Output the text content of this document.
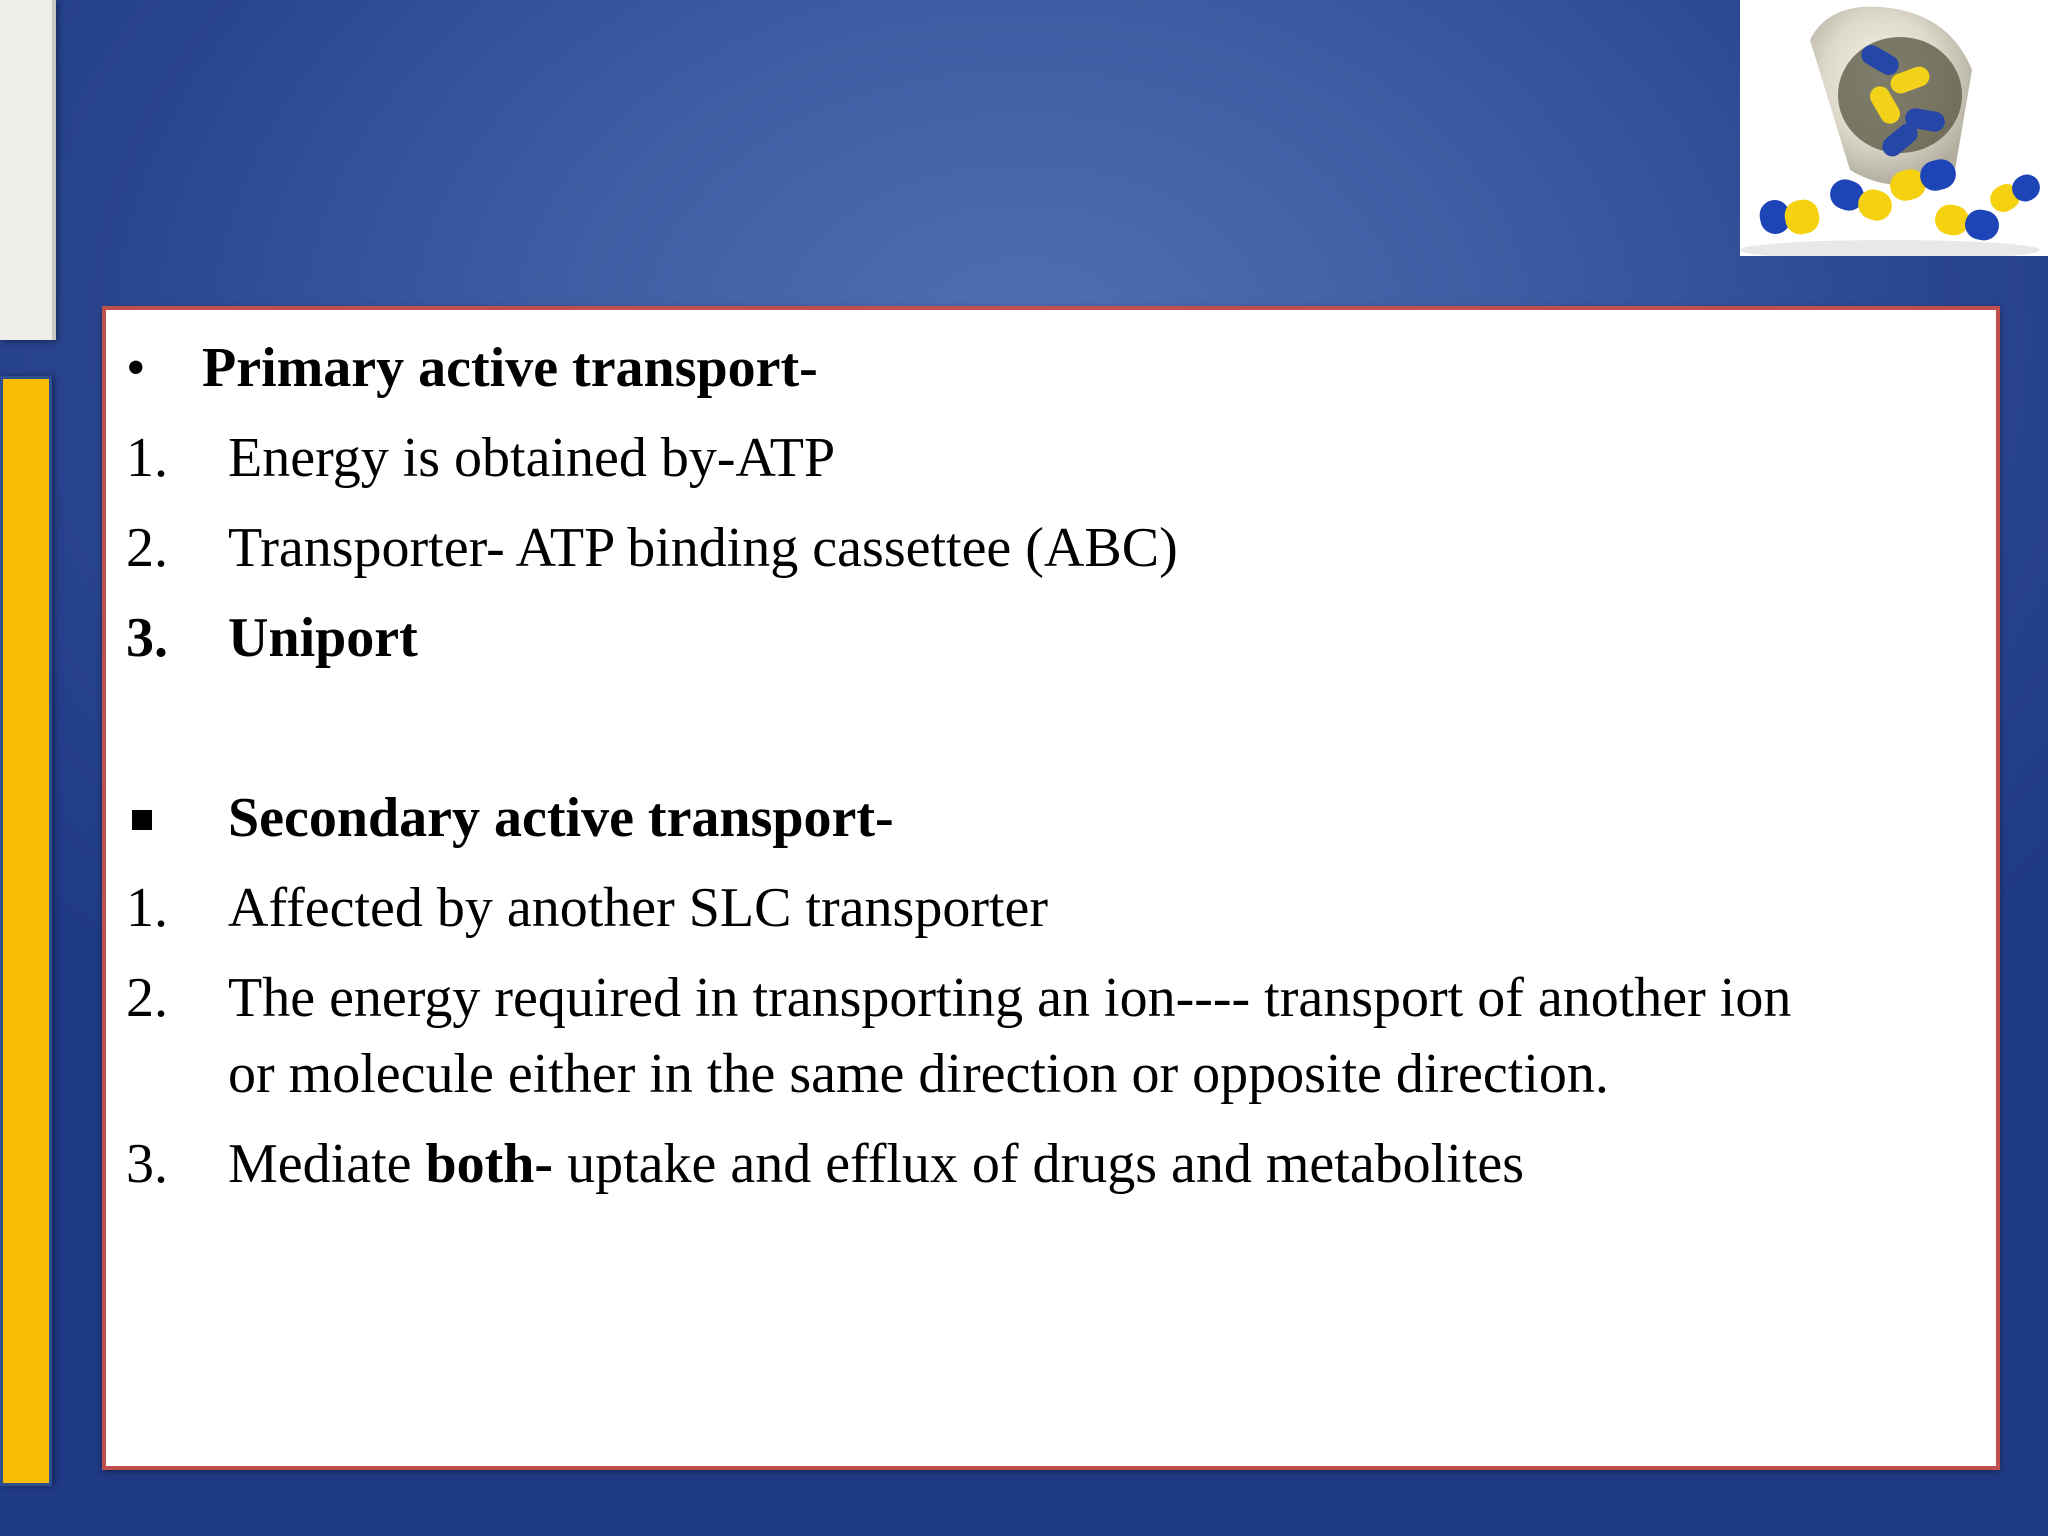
• Primary active transport-
1. Energy is obtained by-ATP
2. Transporter- ATP binding cassettee (ABC)
3. Uniport
Secondary active transport-
1. Affected by another SLC transporter
2. The energy required in transporting an ion---- transport of another ion
or molecule either in the same direction or opposite direction.
3. Mediate both- uptake and efflux of drugs and metabolites
